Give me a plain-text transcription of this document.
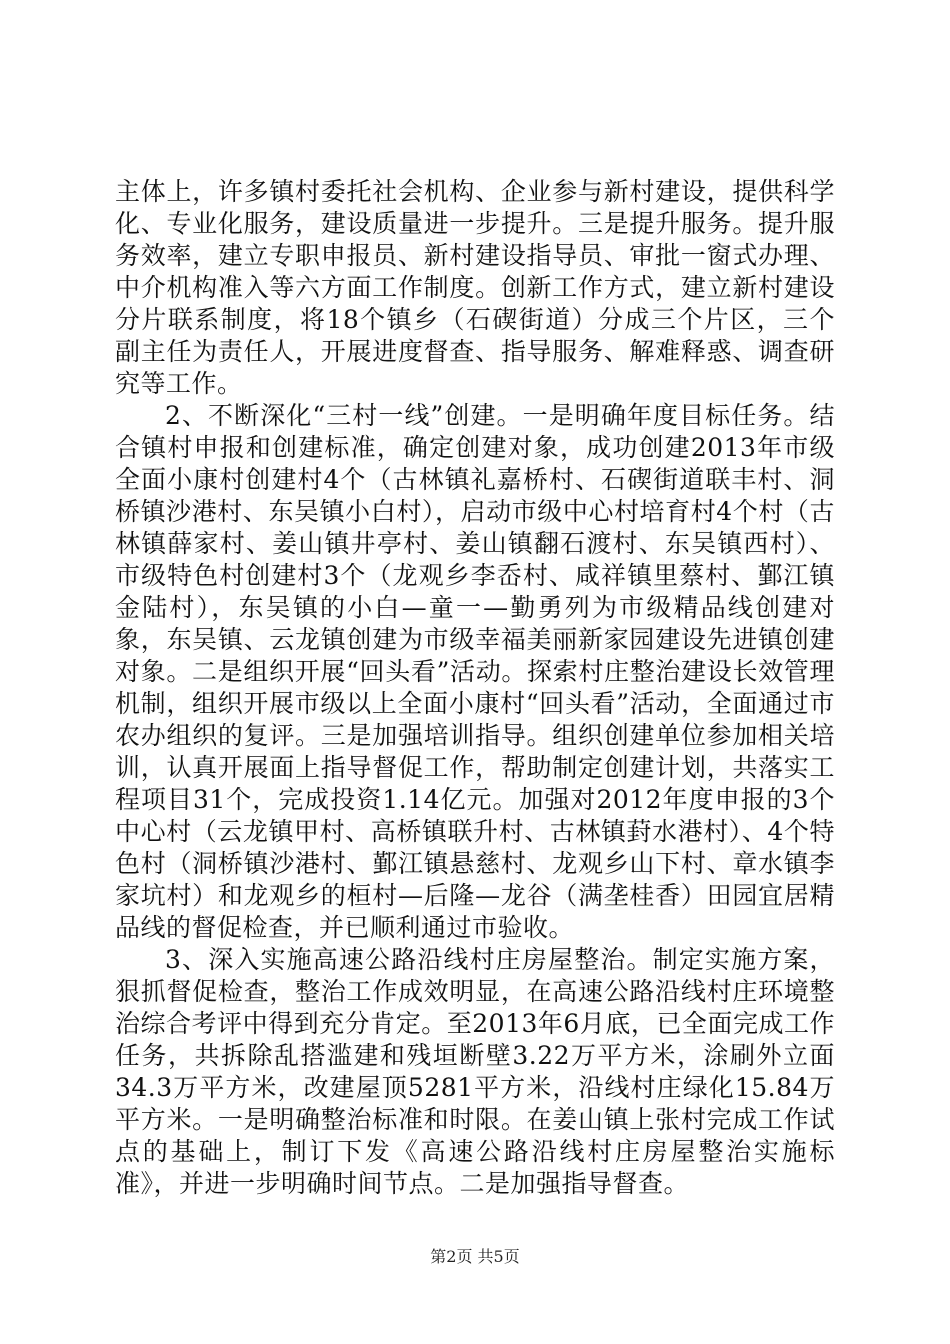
主体上，许多镇村委托社会机构、企业参与新村建设，提供科学化、专业化服务，建设质量进一步提升。三是提升服务。提升服务效率，建立专职申报员、新村建设指导员、审批一窗式办理、中介机构准入等六方面工作制度。创新工作方式，建立新村建设分片联系制度，将18个镇乡（石碶街道）分成三个片区，三个副主任为责任人，开展进度督查、指导服务、解难释惑、调查研究等工作。

2、不断深化“三村一线”创建。一是明确年度目标任务。结合镇村申报和创建标准，确定创建对象，成功创建2013年市级全面小康村创建村4个（古林镇礼嘉桥村、石碶街道联丰村、洞桥镇沙港村、东吴镇小白村），启动市级中心村培育村4个村（古林镇薛家村、姜山镇井亭村、姜山镇翻石渡村、东吴镇西村）、市级特色村创建村3个（龙观乡李岙村、咸祥镇里蔡村、鄞江镇金陆村），东吴镇的小白—童一—勤勇列为市级精品线创建对象，东吴镇、云龙镇创建为市级幸福美丽新家园建设先进镇创建对象。二是组织开展“回头看”活动。探索村庄整治建设长效管理机制，组织开展市级以上全面小康村“回头看”活动，全面通过市农办组织的复评。三是加强培训指导。组织创建单位参加相关培训，认真开展面上指导督促工作，帮助制定创建计划，共落实工程项目31个，完成投资1.14亿元。加强对2012年度申报的3个中心村（云龙镇甲村、高桥镇联升村、古林镇葑水港村）、4个特色村（洞桥镇沙港村、鄞江镇悬慈村、龙观乡山下村、章水镇李家坑村）和龙观乡的桓村—后隆—龙谷（满垄桂香）田园宜居精品线的督促检查，并已顺利通过市验收。

3、深入实施高速公路沿线村庄房屋整治。制定实施方案，狠抓督促检查，整治工作成效明显，在高速公路沿线村庄环境整治综合考评中得到充分肯定。至2013年6月底，已全面完成工作任务，共拆除乱搭滥建和残垣断壁3.22万平方米，涂刷外立面34.3万平方米，改建屋顶5281平方米，沿线村庄绿化15.84万平方米。一是明确整治标准和时限。在姜山镇上张村完成工作试点的基础上，制订下发《高速公路沿线村庄房屋整治实施标准》，并进一步明确时间节点。二是加强指导督查。

第2页 共5页
